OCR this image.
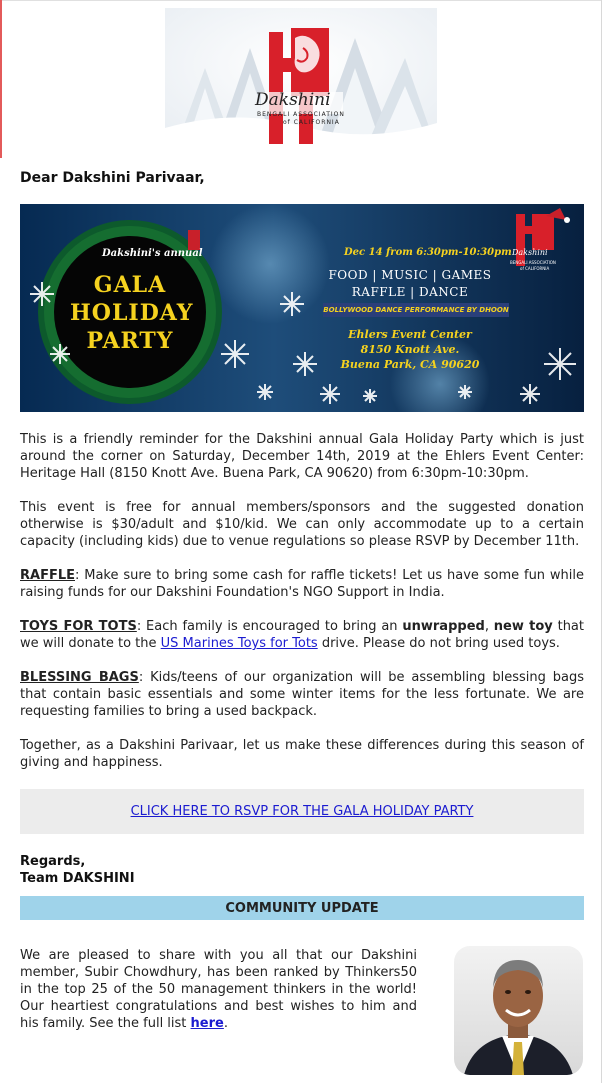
Dakshini
BENGALI ASSOCIATION
of CALIFORNIA
Dear Dakshini Parivaar,
Dakshini's annual
GALA
HOLIDAY
PARTY
Dec 14 from 6:30pm-10:30pm
FOOD | MUSIC | GAMES
RAFFLE | DANCE
BOLLYWOOD DANCE PERFORMANCE BY DHOON
Ehlers Event Center
8150 Knott Ave.
Buena Park, CA 90620
Dakshini
BENGALI ASSOCIATION
of CALIFORNIA
This is a friendly reminder for the Dakshini annual Gala Holiday Party which is just around the corner on Saturday, December 14th, 2019 at the Ehlers Event Center: Heritage Hall (8150 Knott Ave. Buena Park, CA 90620) from 6:30pm-10:30pm.
This event is free for annual members/sponsors and the suggested donation otherwise is $30/adult and $10/kid. We can only accommodate up to a certain capacity (including kids) due to venue regulations so please RSVP by December 11th.
RAFFLE: Make sure to bring some cash for raffle tickets! Let us have some fun while raising funds for our Dakshini Foundation's NGO Support in India.
TOYS FOR TOTS: Each family is encouraged to bring an unwrapped, new toy that we will donate to the US Marines Toys for Tots drive. Please do not bring used toys.
BLESSING BAGS: Kids/teens of our organization will be assembling blessing bags that contain basic essentials and some winter items for the less fortunate. We are requesting families to bring a used backpack.
Together, as a Dakshini Parivaar, let us make these differences during this season of giving and happiness.
CLICK HERE TO RSVP FOR THE GALA HOLIDAY PARTY
Regards,
Team DAKSHINI
COMMUNITY UPDATE
We are pleased to share with you all that our Dakshini member, Subir Chowdhury, has been ranked by Thinkers50 in the top 25 of the 50 management thinkers in the world! Our heartiest congratulations and best wishes to him and his family. See the full list here.
